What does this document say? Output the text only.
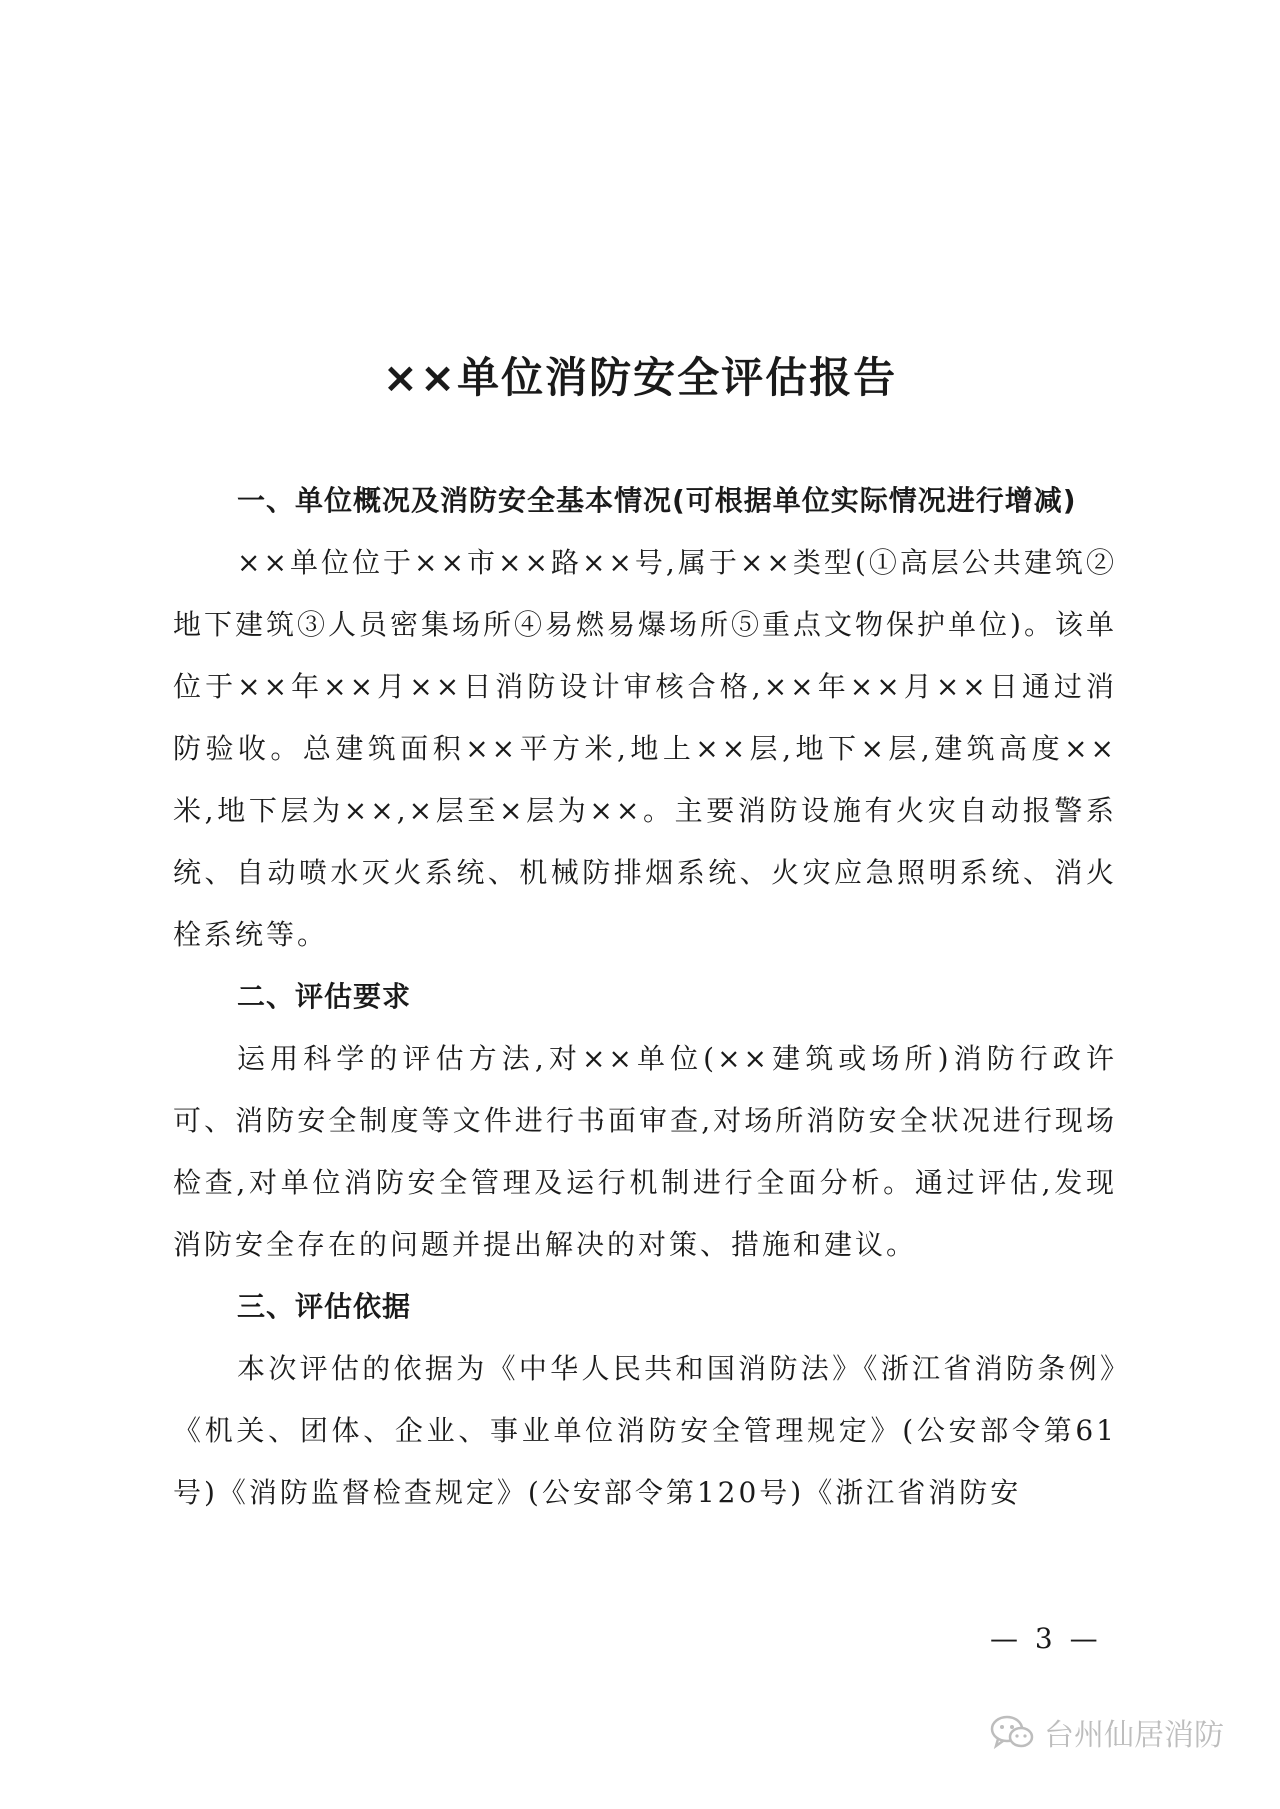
××单位消防安全评估报告

一、单位概况及消防安全基本情况(可根据单位实际情况进行增减)

××单位位于××市××路××号,属于××类型(①高层公共建筑②地下建筑③人员密集场所④易燃易爆场所⑤重点文物保护单位)。该单位于××年××月××日消防设计审核合格,××年××月××日通过消防验收。总建筑面积××平方米,地上××层,地下×层,建筑高度××米,地下层为××,×层至×层为××。主要消防设施有火灾自动报警系统、自动喷水灭火系统、机械防排烟系统、火灾应急照明系统、消火栓系统等。

二、评估要求

运用科学的评估方法,对××单位(××建筑或场所)消防行政许可、消防安全制度等文件进行书面审查,对场所消防安全状况进行现场检查,对单位消防安全管理及运行机制进行全面分析。通过评估,发现消防安全存在的问题并提出解决的对策、措施和建议。

三、评估依据

本次评估的依据为《中华人民共和国消防法》《浙江省消防条例》《机关、团体、企业、事业单位消防安全管理规定》(公安部令第61号)《消防监督检查规定》(公安部令第120号)《浙江省消防安

— 3 —
台州仙居消防
